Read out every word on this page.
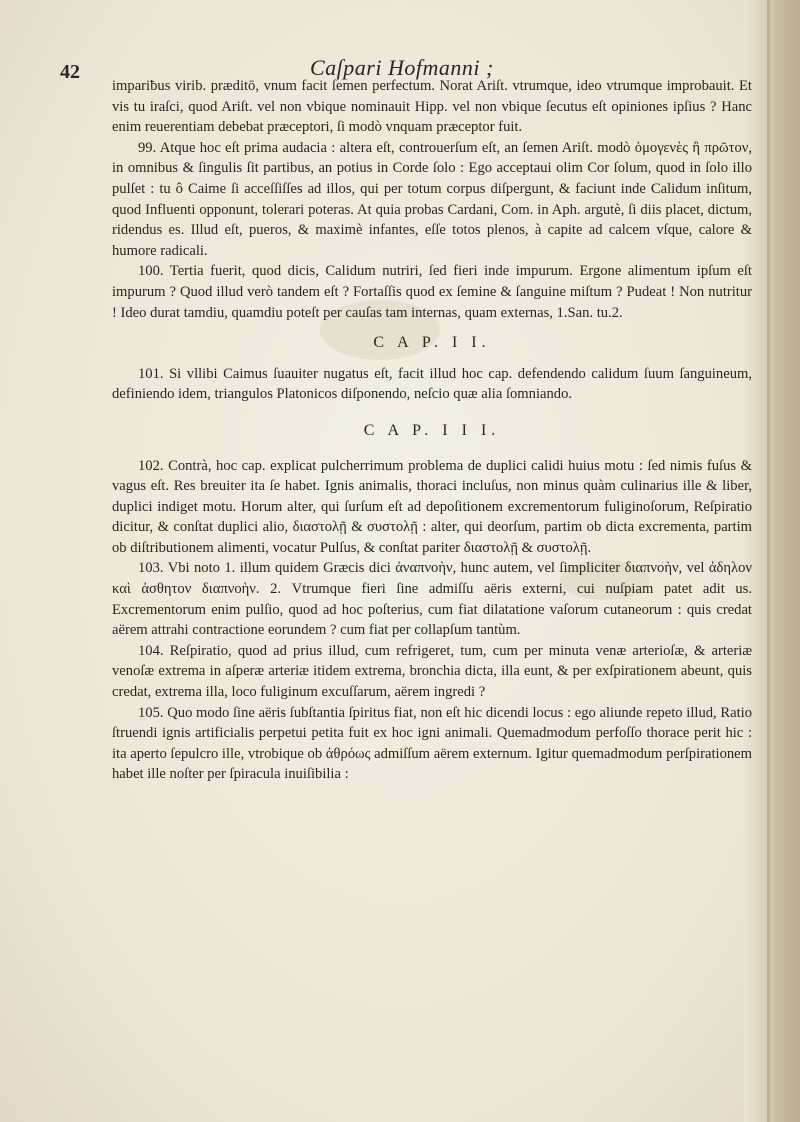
42	Caſpari Hofmanni ;

impariƀus virib. præditō, vnum facit ſemen perfectum. Norat Ariſt. vtrumque, ideo vtrumque improbauit. Et vis tu iraſci, quod Ariſt. vel non vbique nominauit Hipp. vel non vbique ſecutus eſt opiniones ipſius ? Hanc enim reuerentiam debebat præceptori, ſi modò vnquam præceptor fuit.

99. Atque hoc eſt prima audacia : altera eſt, controuerſum eſt, an ſemen Ariſt. modò ὁμογενὲς ἢ πρῶτον, in omnibus & ſingulis ſit partibus, an potius in Corde ſolo : Ego acceptaui olim Cor ſolum, quod in ſolo illo pulſet : tu ô Caime ſi acceſſiſſes ad illos, qui per totum corpus diſpergunt, & faciunt inde Calidum inſitum, quod Influenti opponunt, tolerari poteras. At quia probas Cardani, Com. in Aph. argutè, ſi diis placet, dictum, ridendus es. Illud eſt, pueros, & maximè infantes, eſſe totos plenos, à capite ad calcem vſque, calore & humore radicali.

100. Tertia fuerit, quod dicis, Calidum nutriri, ſed fieri inde impurum. Ergone alimentum ipſum eſt impurum ? Quod illud verò tandem eſt ? Fortaſſis quod ex ſemine & ſanguine miſtum ? Pudeat ! Non nutritur ! Ideo durat tamdiu, quamdiu poteſt per cauſas tam internas, quam externas, 1.San. tu.2.

C A P. I I.

101. Si vllibi Caimus ſuauiter nugatus eſt, facit illud hoc cap. defendendo calidum ſuum ſanguineum, definiendo idem, triangulos Platonicos diſponendo, neſcio quæ alia ſomniando.

C A P. I I I.

102. Contrà, hoc cap. explicat pulcherrimum problema de duplici calidi huius motu : ſed nimis fuſus & vagus eſt. Res breuiter ita ſe habet. Ignis animalis, thoraci incluſus, non minus quàm culinarius ille & liber, duplici indiget motu. Horum alter, qui ſurſum eſt ad depoſitionem excrementorum fuliginoſorum, Reſpiratio dicitur, & conſtat duplici alio, διαστολῇ & συστολῇ : alter, qui deorſum, partim ob dicta excrementa, partim ob diſtributionem alimenti, vocatur Pulſus, & conſtat pariter διαστολῇ & συστολῇ.

103. Vbi noto 1. illum quidem Græcis dici ἀναπνοὴν, hunc autem, vel ſimpliciter διαπνοὴν, vel ἀδηλον καὶ ἀσθητον διαπνοὴν. 2. Vtrumque fieri ſine admiſſu aëris externi, cui nuſpiam patet adit us. Excrementorum enim pulſio, quod ad hoc poſterius, cum fiat dilatatione vaſorum cutaneorum : quis credat aërem attrahi contractione eorundem ? cum fiat per collapſum tantùm.

104. Reſpiratio, quod ad prius illud, cum refrigeret, tum, cum per minuta venæ arterioſæ, & arteriæ venoſæ extrema in aſperæ arteriæ itidem extrema, bronchia dicta, illa eunt, & per exſpirationem abeunt, quis credat, extrema illa, loco fuliginum excuſſarum, aërem ingredi ?

105. Quo modo ſine aëris ſubſtantia ſpiritus fiat, non eſt hic dicendi locus : ego aliunde repeto illud, Ratio ſtruendi ignis artificialis perpetui petita fuit ex hoc igni animali. Quemadmodum perfoſſo thorace perit hic : ita aperto ſepulcro ille, vtrobique ob ἀθρόως admiſſum aërem externum. Igitur quemadmodum perſpirationem habet ille noſter per ſpiracula inuiſibilia :
